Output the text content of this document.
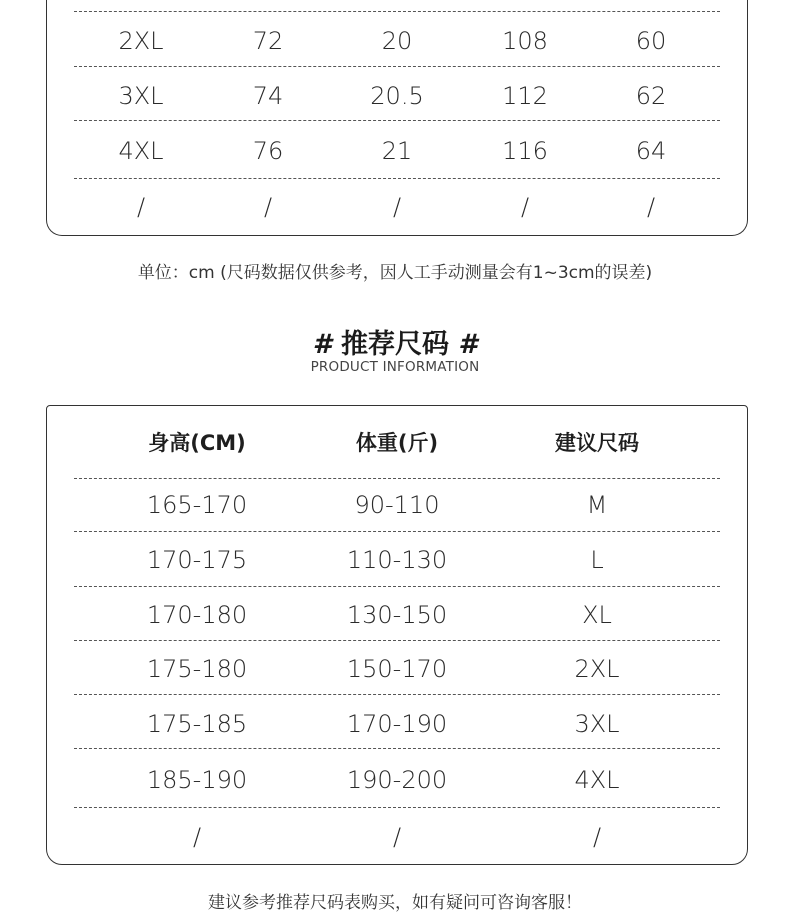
2XL	72	20	108	60
3XL	74	20.5	112	62
4XL	76	21	116	64
/	/	/	/	/
单位：cm (尺码数据仅供参考，因人工手动测量会有1~3cm的误差)
# 推荐尺码 #
PRODUCT INFORMATION
身高(CM)	体重(斤)	建议尺码
165-170	90-110	M
170-175	110-130	L
170-180	130-150	XL
175-180	150-170	2XL
175-185	170-190	3XL
185-190	190-200	4XL
/	/	/
建议参考推荐尺码表购买，如有疑问可咨询客服！
